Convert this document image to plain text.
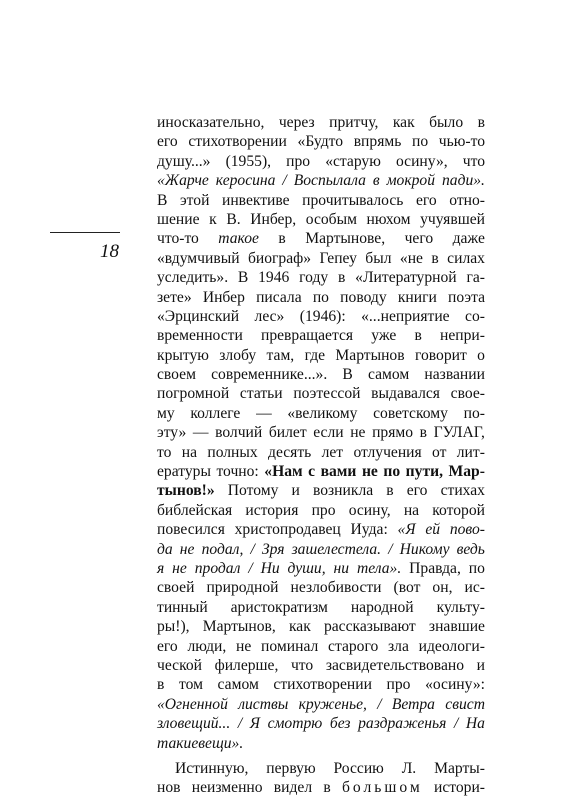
18
иносказательно, через притчу, как было в
его стихотворении «Будто впрямь по чью-то
душу...» (1955), про «старую осину», что
«Жарче керосина / Воспылала в мокрой пади».
В этой инвективе прочитывалось его отно-
шение к В. Инбер, особым нюхом учуявшей
что-то такое в Мартынове, чего даже
«вдумчивый биограф» Гепеу был «не в силах
уследить». В 1946 году в «Литературной га-
зете» Инбер писала по поводу книги поэта
«Эрцинский лес» (1946): «...неприятие со-
временности превращается уже в непри-
крытую злобу там, где Мартынов говорит о
своем современнике...». В самом названии
погромной статьи поэтессой выдавался свое-
му коллеге — «великому советскому по-
эту» — волчий билет если не прямо в ГУЛАГ,
то на полных десять лет отлучения от лит-
ературы точно: «Нам с вами не по пути, Мар-
тынов!» Потому и возникла в его стихах
библейская история про осину, на которой
повесился христопродавец Иуда: «Я ей пово-
да не подал, / Зря зашелестела. / Никому ведь
я не продал / Ни души, ни тела». Правда, по
своей природной незлобивости (вот он, ис-
тинный аристократизм народной культу-
ры!), Мартынов, как рассказывают знавшие
его люди, не поминал старого зла идеологи-
ческой филерше, что засвидетельствовано и
в том самом стихотворении про «осину»:
«Огненной листвы круженье, / Ветра свист
зловещий... / Я смотрю без раздраженья / На
такие вещи».
Истинную, первую Россию Л. Марты-
нов неизменно видел в большом истори-
